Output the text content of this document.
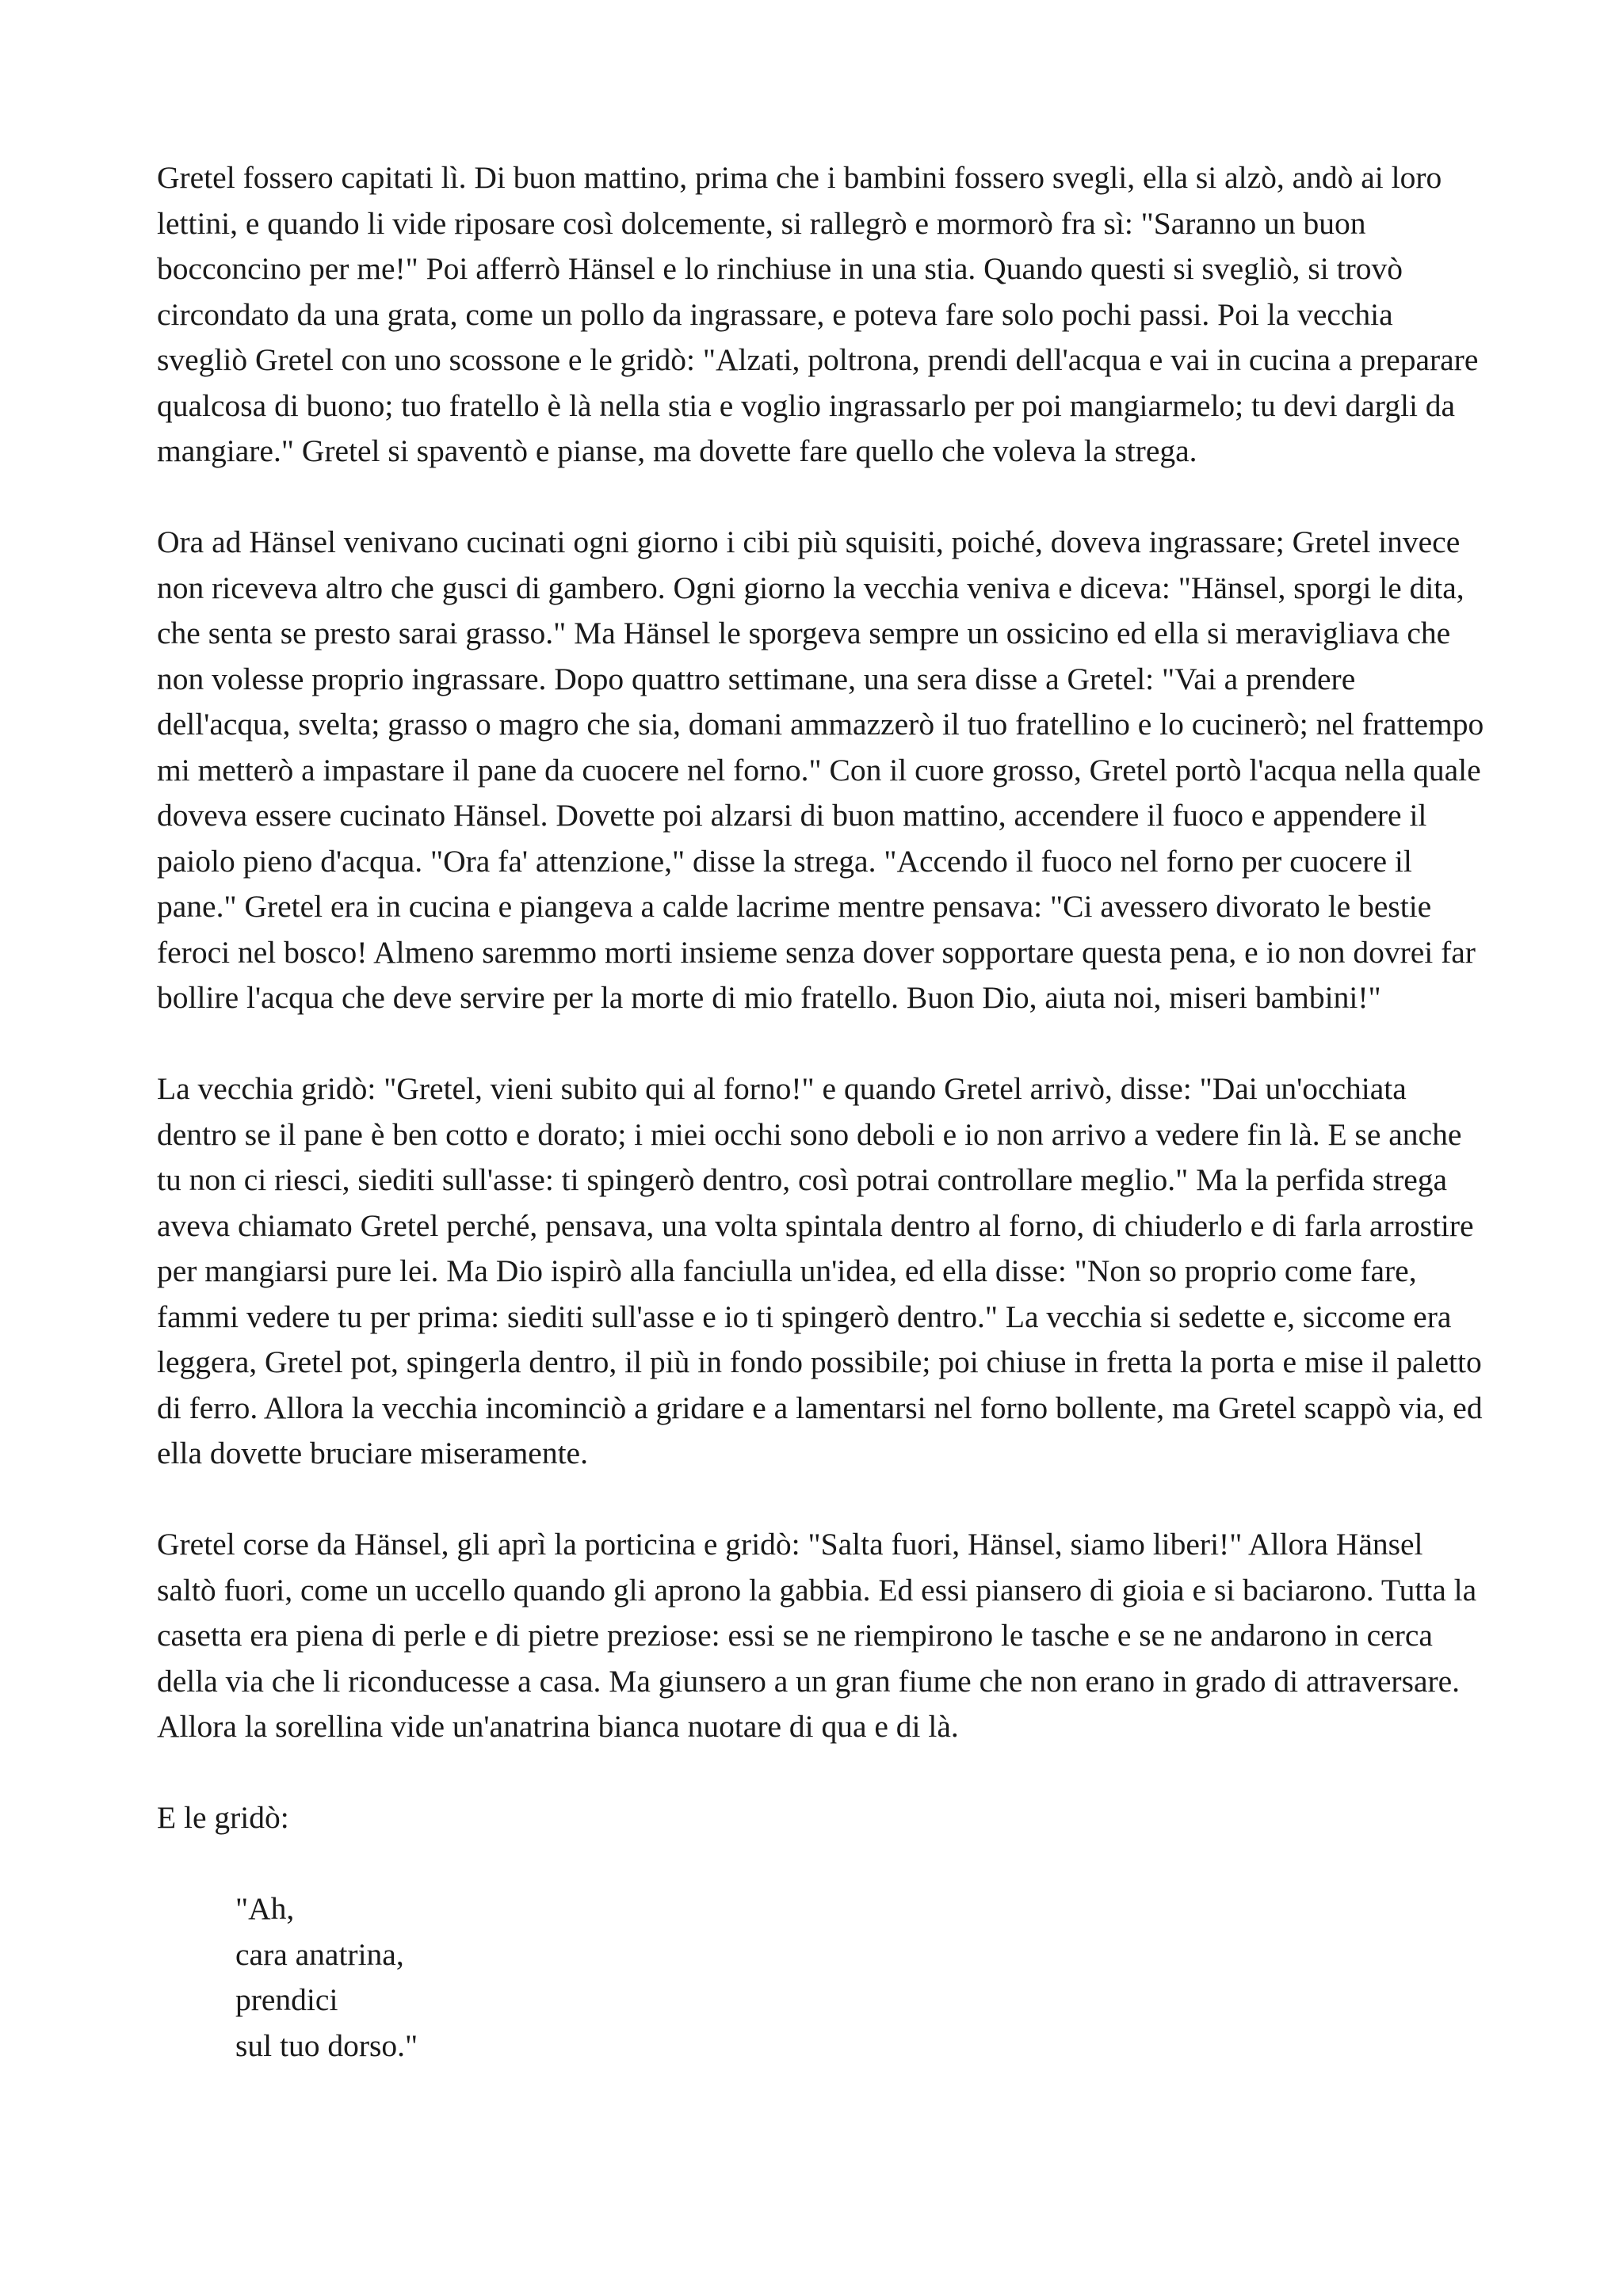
Gretel fossero capitati lì. Di buon mattino, prima che i bambini fossero svegli, ella si alzò, andò ai loro lettini, e quando li vide riposare così dolcemente, si rallegrò e mormorò fra sì: "Saranno un buon bocconcino per me!" Poi afferrò Hänsel e lo rinchiuse in una stia. Quando questi si svegliò, si trovò circondato da una grata, come un pollo da ingrassare, e poteva fare solo pochi passi. Poi la vecchia svegliò Gretel con uno scossone e le gridò: "Alzati, poltrona, prendi dell'acqua e vai in cucina a preparare qualcosa di buono; tuo fratello è là nella stia e voglio ingrassarlo per poi mangiarmelo; tu devi dargli da mangiare." Gretel si spaventò e pianse, ma dovette fare quello che voleva la strega.

Ora ad Hänsel venivano cucinati ogni giorno i cibi più squisiti, poiché, doveva ingrassare; Gretel invece non riceveva altro che gusci di gambero. Ogni giorno la vecchia veniva e diceva: "Hänsel, sporgi le dita, che senta se presto sarai grasso." Ma Hänsel le sporgeva sempre un ossicino ed ella si meravigliava che non volesse proprio ingrassare. Dopo quattro settimane, una sera disse a Gretel: "Vai a prendere dell'acqua, svelta; grasso o magro che sia, domani ammazzerò il tuo fratellino e lo cucinerò; nel frattempo mi metterò a impastare il pane da cuocere nel forno." Con il cuore grosso, Gretel portò l'acqua nella quale doveva essere cucinato Hänsel. Dovette poi alzarsi di buon mattino, accendere il fuoco e appendere il paiolo pieno d'acqua. "Ora fa' attenzione," disse la strega. "Accendo il fuoco nel forno per cuocere il pane." Gretel era in cucina e piangeva a calde lacrime mentre pensava: "Ci avessero divorato le bestie feroci nel bosco! Almeno saremmo morti insieme senza dover sopportare questa pena, e io non dovrei far bollire l'acqua che deve servire per la morte di mio fratello. Buon Dio, aiuta noi, miseri bambini!"

La vecchia gridò: "Gretel, vieni subito qui al forno!" e quando Gretel arrivò, disse: "Dai un'occhiata dentro se il pane è ben cotto e dorato; i miei occhi sono deboli e io non arrivo a vedere fin là. E se anche tu non ci riesci, siediti sull'asse: ti spingerò dentro, così potrai controllare meglio." Ma la perfida strega aveva chiamato Gretel perché, pensava, una volta spintala dentro al forno, di chiuderlo e di farla arrostire per mangiarsi pure lei. Ma Dio ispirò alla fanciulla un'idea, ed ella disse: "Non so proprio come fare, fammi vedere tu per prima: siediti sull'asse e io ti spingerò dentro." La vecchia si sedette e, siccome era leggera, Gretel pot, spingerla dentro, il più in fondo possibile; poi chiuse in fretta la porta e mise il paletto di ferro. Allora la vecchia incominciò a gridare e a lamentarsi nel forno bollente, ma Gretel scappò via, ed ella dovette bruciare miseramente.

Gretel corse da Hänsel, gli aprì la porticina e gridò: "Salta fuori, Hänsel, siamo liberi!" Allora Hänsel saltò fuori, come un uccello quando gli aprono la gabbia. Ed essi piansero di gioia e si baciarono. Tutta la casetta era piena di perle e di pietre preziose: essi se ne riempirono le tasche e se ne andarono in cerca della via che li riconducesse a casa. Ma giunsero a un gran fiume che non erano in grado di attraversare. Allora la sorellina vide un'anatrina bianca nuotare di qua e di là.

E le gridò:

"Ah,
cara anatrina,
prendici
sul tuo dorso."
